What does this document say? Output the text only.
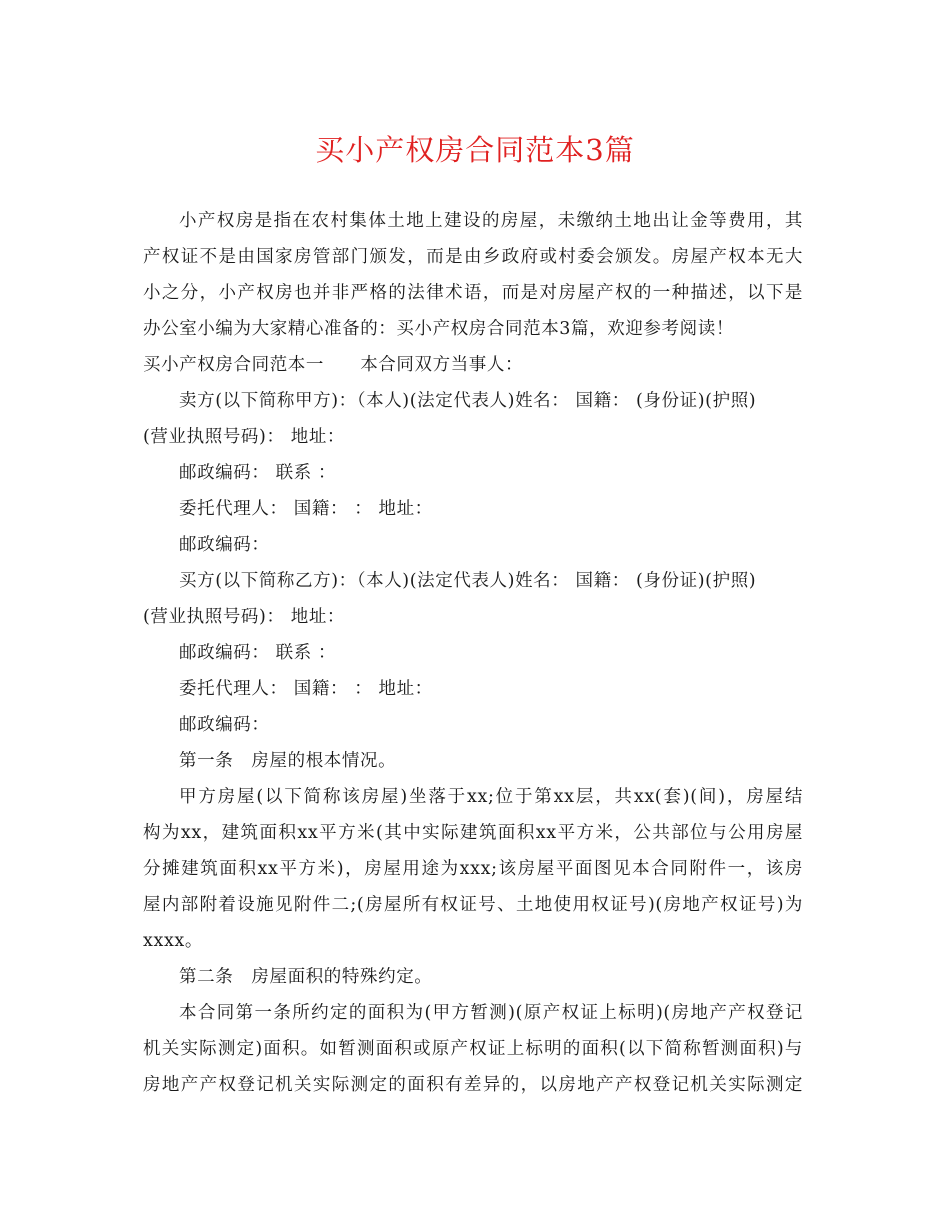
买小产权房合同范本3篇
小产权房是指在农村集体土地上建设的房屋，未缴纳土地出让金等费用，其
产权证不是由国家房管部门颁发，而是由乡政府或村委会颁发。房屋产权本无大
小之分，小产权房也并非严格的法律术语，而是对房屋产权的一种描述，以下是
办公室小编为大家精心准备的：买小产权房合同范本3篇，欢迎参考阅读！
买小产权房合同范本一　　本合同双方当事人：
卖方(以下简称甲方)：（本人)(法定代表人)姓名： 国籍： (身份证)(护照)
(营业执照号码)： 地址：
邮政编码： 联系 ：
委托代理人： 国籍： ： 地址：
邮政编码：
买方(以下简称乙方)：（本人)(法定代表人)姓名： 国籍： (身份证)(护照)
(营业执照号码)： 地址：
邮政编码： 联系 ：
委托代理人： 国籍： ： 地址：
邮政编码：
第一条　房屋的根本情况。
甲方房屋(以下简称该房屋)坐落于xx;位于第xx层，共xx(套)(间)，房屋结
构为xx，建筑面积xx平方米(其中实际建筑面积xx平方米，公共部位与公用房屋
分摊建筑面积xx平方米)，房屋用途为xxx;该房屋平面图见本合同附件一，该房
屋内部附着设施见附件二;(房屋所有权证号、土地使用权证号)(房地产权证号)为
xxxx。
第二条　房屋面积的特殊约定。
本合同第一条所约定的面积为(甲方暂测)(原产权证上标明)(房地产产权登记
机关实际测定)面积。如暂测面积或原产权证上标明的面积(以下简称暂测面积)与
房地产产权登记机关实际测定的面积有差异的，以房地产产权登记机关实际测定
